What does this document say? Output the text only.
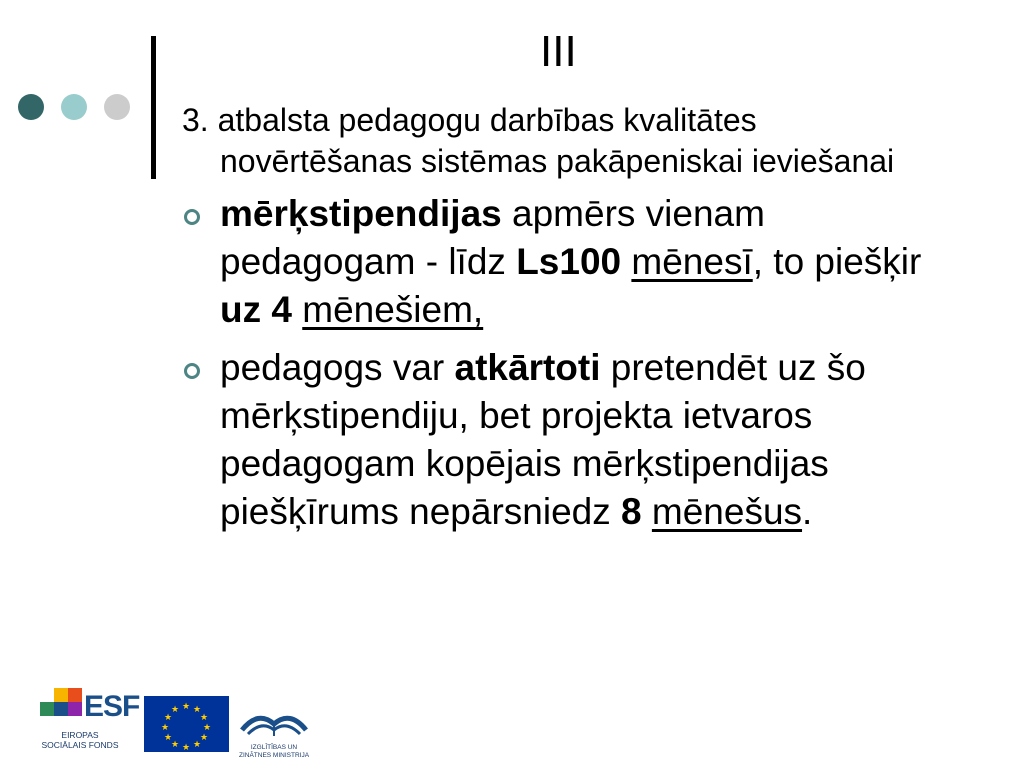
III

3. atbalsta pedagogu darbības kvalitātes novērtēšanas sistēmas pakāpeniskai ieviešanai

mērķstipendijas apmērs vienam pedagogam - līdz Ls100 mēnesī, to piešķir uz 4 mēnešiem,
pedagogs var atkārtoti pretendēt uz šo mērķstipendiju, bet projekta ietvaros pedagogam kopējais mērķstipendijas piešķīrums nepārsniedz 8 mēnešus.
ESF
EIROPAS SOCIĀLAIS FONDS
★ ★
★
★
★
★
★
★
★
★
★
★
IZGLĪTĪBAS UN ZINĀTNES MINISTRIJA
